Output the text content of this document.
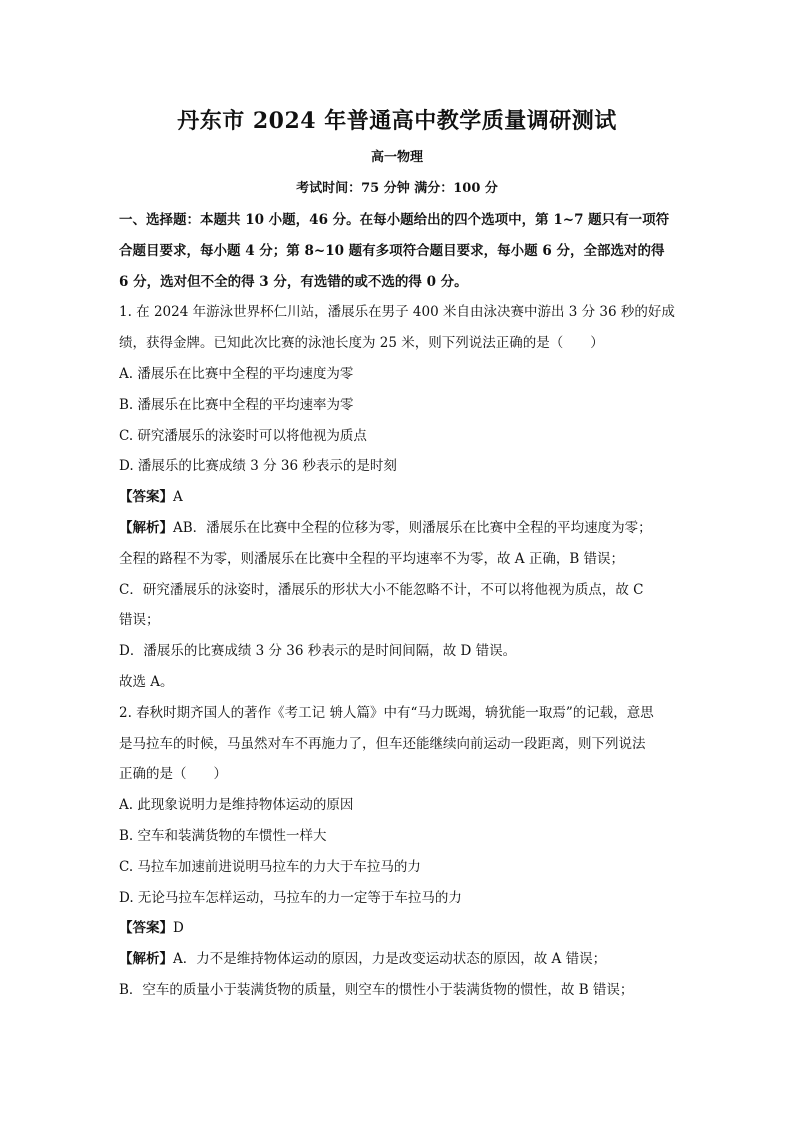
丹东市 2024 年普通高中教学质量调研测试
高一物理
考试时间：75 分钟 满分：100 分
一、选择题：本题共 10 小题，46 分。在每小题给出的四个选项中，第 1~7 题只有一项符
合题目要求，每小题 4 分；第 8~10 题有多项符合题目要求，每小题 6 分，全部选对的得
6 分，选对但不全的得 3 分，有选错的或不选的得 0 分。
1. 在 2024 年游泳世界杯仁川站，潘展乐在男子 400 米自由泳决赛中游出 3 分 36 秒的好成
绩，获得金牌。已知此次比赛的泳池长度为 25 米，则下列说法正确的是（　　）
A. 潘展乐在比赛中全程的平均速度为零
B. 潘展乐在比赛中全程的平均速率为零
C. 研究潘展乐的泳姿时可以将他视为质点
D. 潘展乐的比赛成绩 3 分 36 秒表示的是时刻
【答案】A
【解析】AB．潘展乐在比赛中全程的位移为零，则潘展乐在比赛中全程的平均速度为零；
全程的路程不为零，则潘展乐在比赛中全程的平均速率不为零，故 A 正确，B 错误；
C．研究潘展乐的泳姿时，潘展乐的形状大小不能忽略不计，不可以将他视为质点，故 C
错误；
D．潘展乐的比赛成绩 3 分 36 秒表示的是时间间隔，故 D 错误。
故选 A。
2. 春秋时期齐国人的著作《考工记 辀人篇》中有“马力既竭，辀犹能一取焉”的记载，意思
是马拉车的时候，马虽然对车不再施力了，但车还能继续向前运动一段距离，则下列说法
正确的是（　　）
A. 此现象说明力是维持物体运动的原因
B. 空车和装满货物的车惯性一样大
C. 马拉车加速前进说明马拉车的力大于车拉马的力
D. 无论马拉车怎样运动，马拉车的力一定等于车拉马的力
【答案】D
【解析】A．力不是维持物体运动的原因，力是改变运动状态的原因，故 A 错误；
B．空车的质量小于装满货物的质量，则空车的惯性小于装满货物的惯性，故 B 错误；
